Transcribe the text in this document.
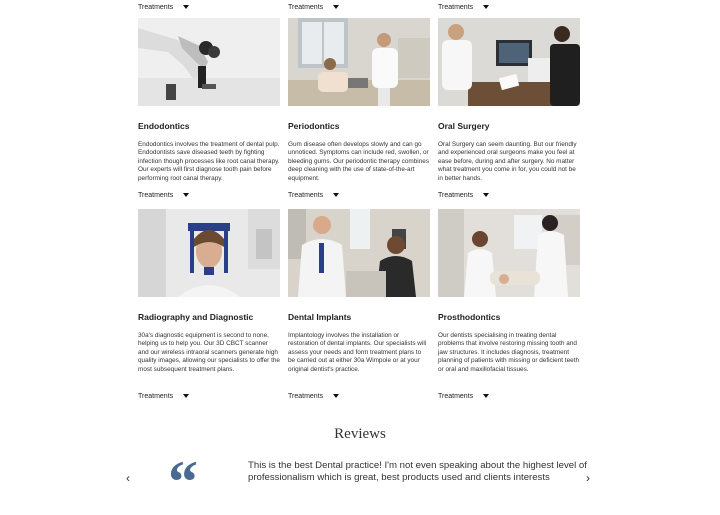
Treatments	Treatments	Treatments
Endodontics
Endodontics involves the treatment of dental pulp. Endodontists save diseased teeth by fighting infection though processes like root canal therapy. Our experts will first diagnose tooth pain before performing root canal therapy.
Treatments
Periodontics
Gum disease often develops slowly and can go unnoticed. Symptoms can include red, swollen, or bleeding gums. Our periodontic therapy combines deep cleaning with the use of state-of-the-art equipment.
Treatments
Oral Surgery
Oral Surgery can seem daunting. But our friendly and experienced oral surgeons make you feel at ease before, during and after surgery. No matter what treatment you come in for, you could not be in better hands.
Treatments
Radiography and Diagnostic
30a's diagnostic equipment is second to none, helping us to help you. Our 3D CBCT scanner and our wireless intraoral scanners generate high quality images, allowing our specialists to offer the most subsequent treatment plans.
Treatments
Dental Implants
Implantology involves the installation or restoration of dental implants. Our specialists will assess your needs and form treatment plans to be carried out at either 30a Wimpole or at your original dentist's practice.
Treatments
Prosthodontics
Our dentists specialising in treating dental problems that involve restoring missing tooth and jaw structures. It includes diagnosis, treatment planning of patients with missing or deficient teeth or oral and maxillofacial tissues.
Treatments
Reviews
‹ “	This is the best Dental practice! I'm not even speaking about the highest level of professionalism which is great, best products used and clients interests	›
